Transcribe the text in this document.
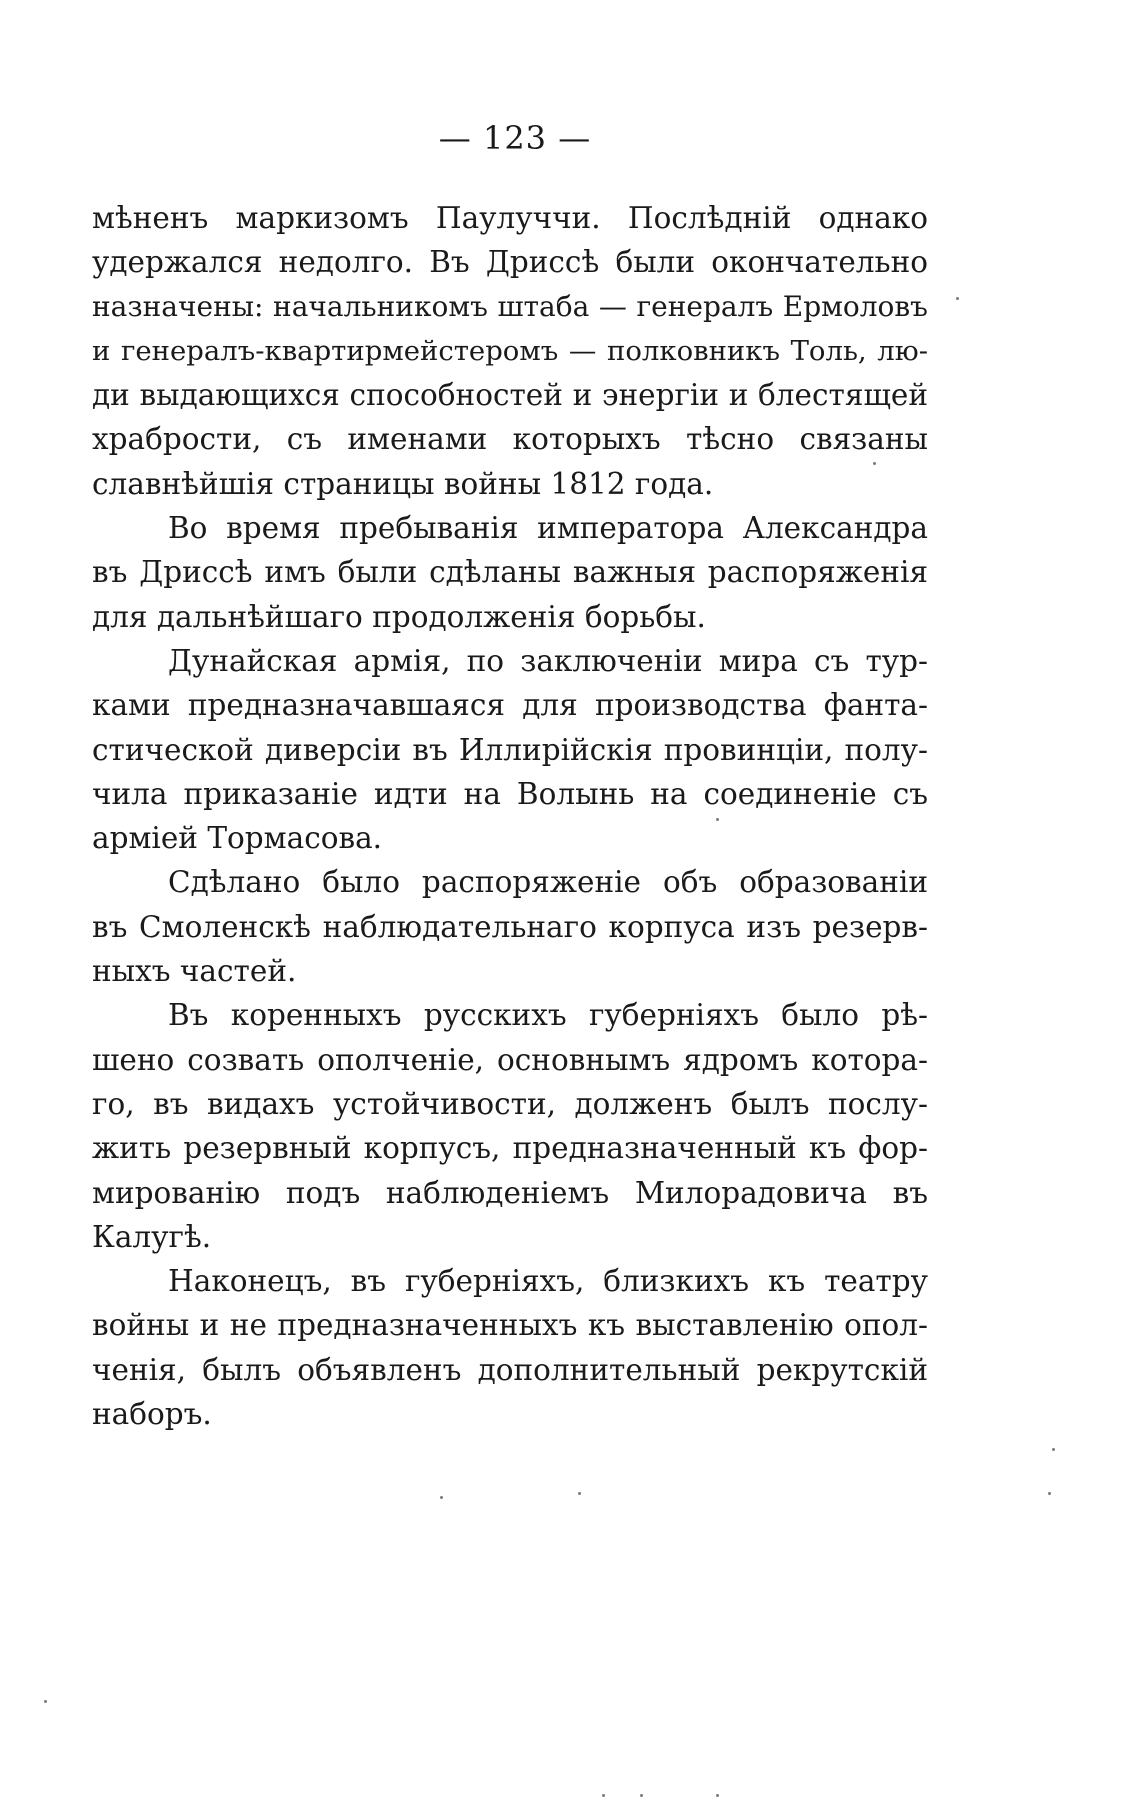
— 123 —
мѣненъ маркизомъ Паулуччи. Послѣдній однако
удержался недолго. Въ Дриссѣ были окончательно
назначены: начальникомъ штаба — генералъ Ермоловъ
и генералъ-квартирмейстеромъ — полковникъ Толь, лю-
ди выдающихся способностей и энергіи и блестящей
храбрости, съ именами которыхъ тѣсно связаны
славнѣйшія страницы войны 1812 года.
Во время пребыванія императора Александра
въ Дриссѣ имъ были сдѣланы важныя распоряженія
для дальнѣйшаго продолженія борьбы.
Дунайская армія, по заключеніи мира съ тур-
ками предназначавшаяся для производства фанта-
стической диверсіи въ Иллирійскія провинціи, полу-
чила приказаніе идти на Волынь на соединеніе съ
арміей Тормасова.
Сдѣлано было распоряженіе объ образованіи
въ Смоленскѣ наблюдательнаго корпуса изъ резерв-
ныхъ частей.
Въ коренныхъ русскихъ губерніяхъ было рѣ-
шено созвать ополченіе, основнымъ ядромъ котора-
го, въ видахъ устойчивости, долженъ былъ послу-
жить резервный корпусъ, предназначенный къ фор-
мированію подъ наблюденіемъ Милорадовича въ
Калугѣ.
Наконецъ, въ губерніяхъ, близкихъ къ театру
войны и не предназначенныхъ къ выставленію опол-
ченія, былъ объявленъ дополнительный рекрутскій
наборъ.
